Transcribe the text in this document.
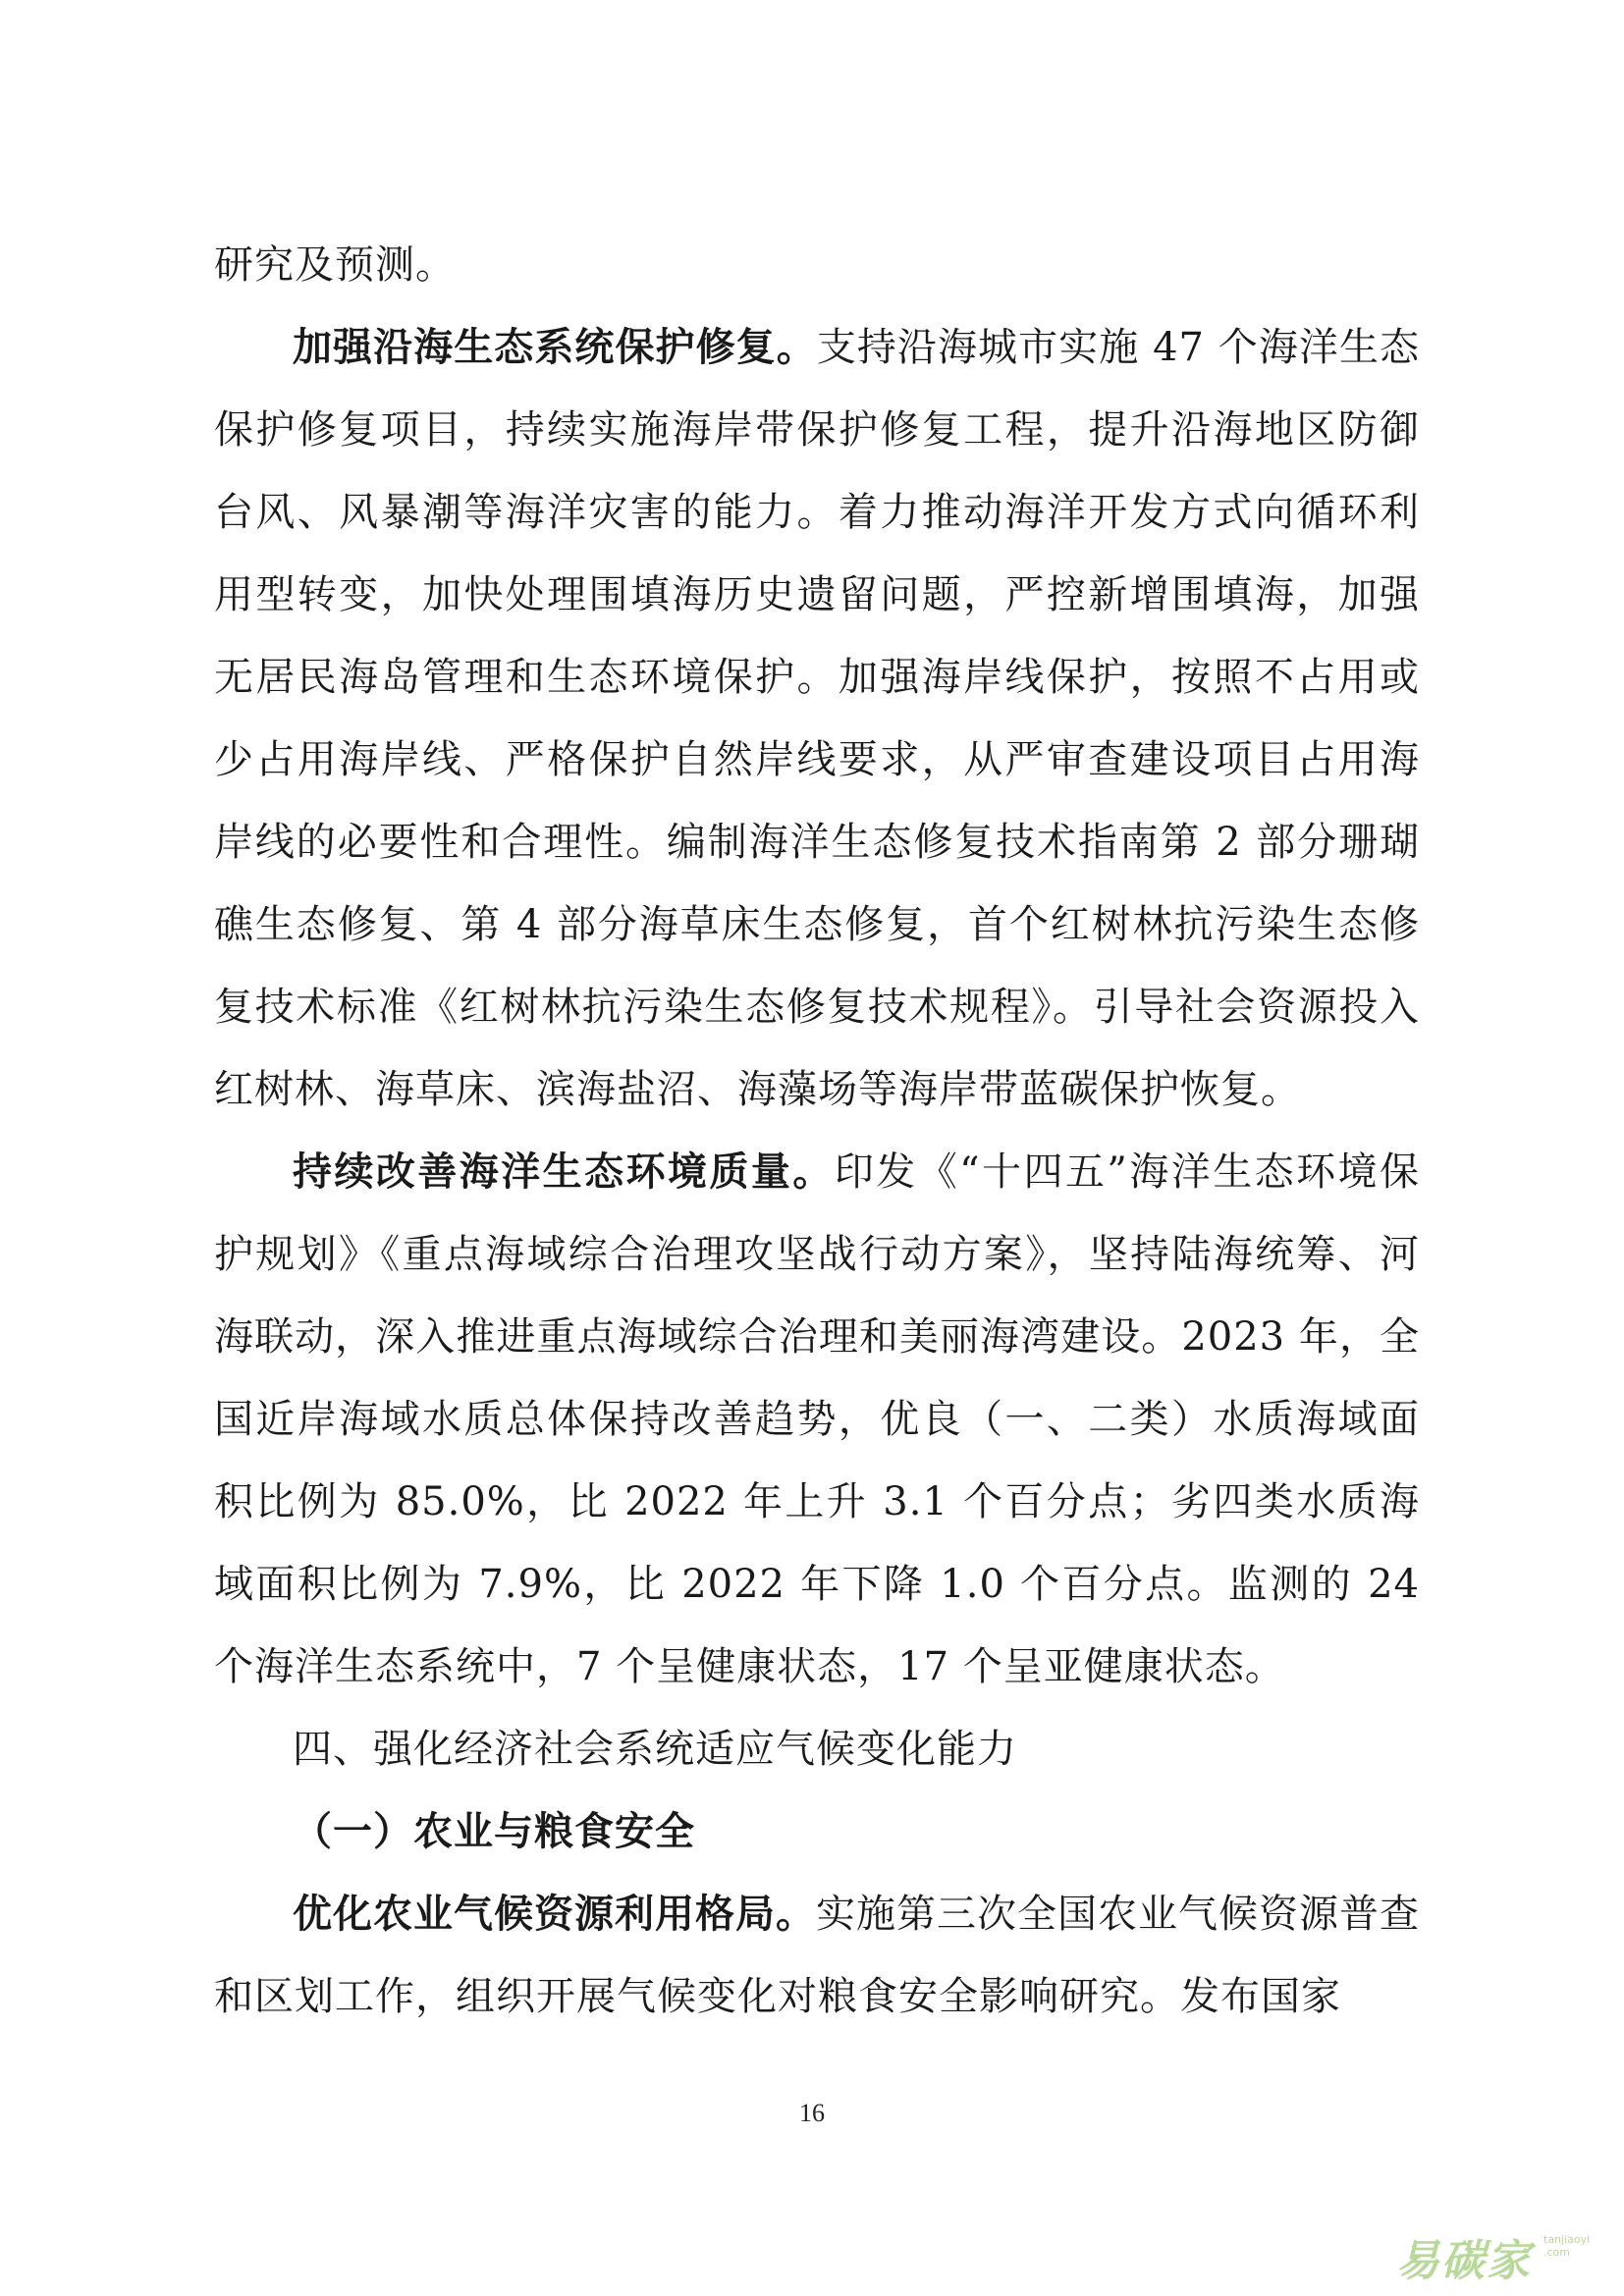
研究及预测。

加强沿海生态系统保护修复。支持沿海城市实施 47 个海洋生态保护修复项目，持续实施海岸带保护修复工程，提升沿海地区防御台风、风暴潮等海洋灾害的能力。着力推动海洋开发方式向循环利用型转变，加快处理围填海历史遗留问题，严控新增围填海，加强无居民海岛管理和生态环境保护。加强海岸线保护，按照不占用或少占用海岸线、严格保护自然岸线要求，从严审查建设项目占用海岸线的必要性和合理性。编制海洋生态修复技术指南第 2 部分珊瑚礁生态修复、第 4 部分海草床生态修复，首个红树林抗污染生态修复技术标准《红树林抗污染生态修复技术规程》。引导社会资源投入红树林、海草床、滨海盐沼、海藻场等海岸带蓝碳保护恢复。

持续改善海洋生态环境质量。印发《“十四五”海洋生态环境保护规划》《重点海域综合治理攻坚战行动方案》，坚持陆海统筹、河海联动，深入推进重点海域综合治理和美丽海湾建设。2023 年，全国近岸海域水质总体保持改善趋势，优良（一、二类）水质海域面积比例为 85.0%，比 2022 年上升 3.1 个百分点；劣四类水质海域面积比例为 7.9%，比 2022 年下降 1.0 个百分点。监测的 24 个海洋生态系统中，7 个呈健康状态，17 个呈亚健康状态。

四、强化经济社会系统适应气候变化能力
（一）农业与粮食安全

优化农业气候资源利用格局。实施第三次全国农业气候资源普查和区划工作，组织开展气候变化对粮食安全影响研究。发布国家

16
易碳家 tanjiaoyi
.com
